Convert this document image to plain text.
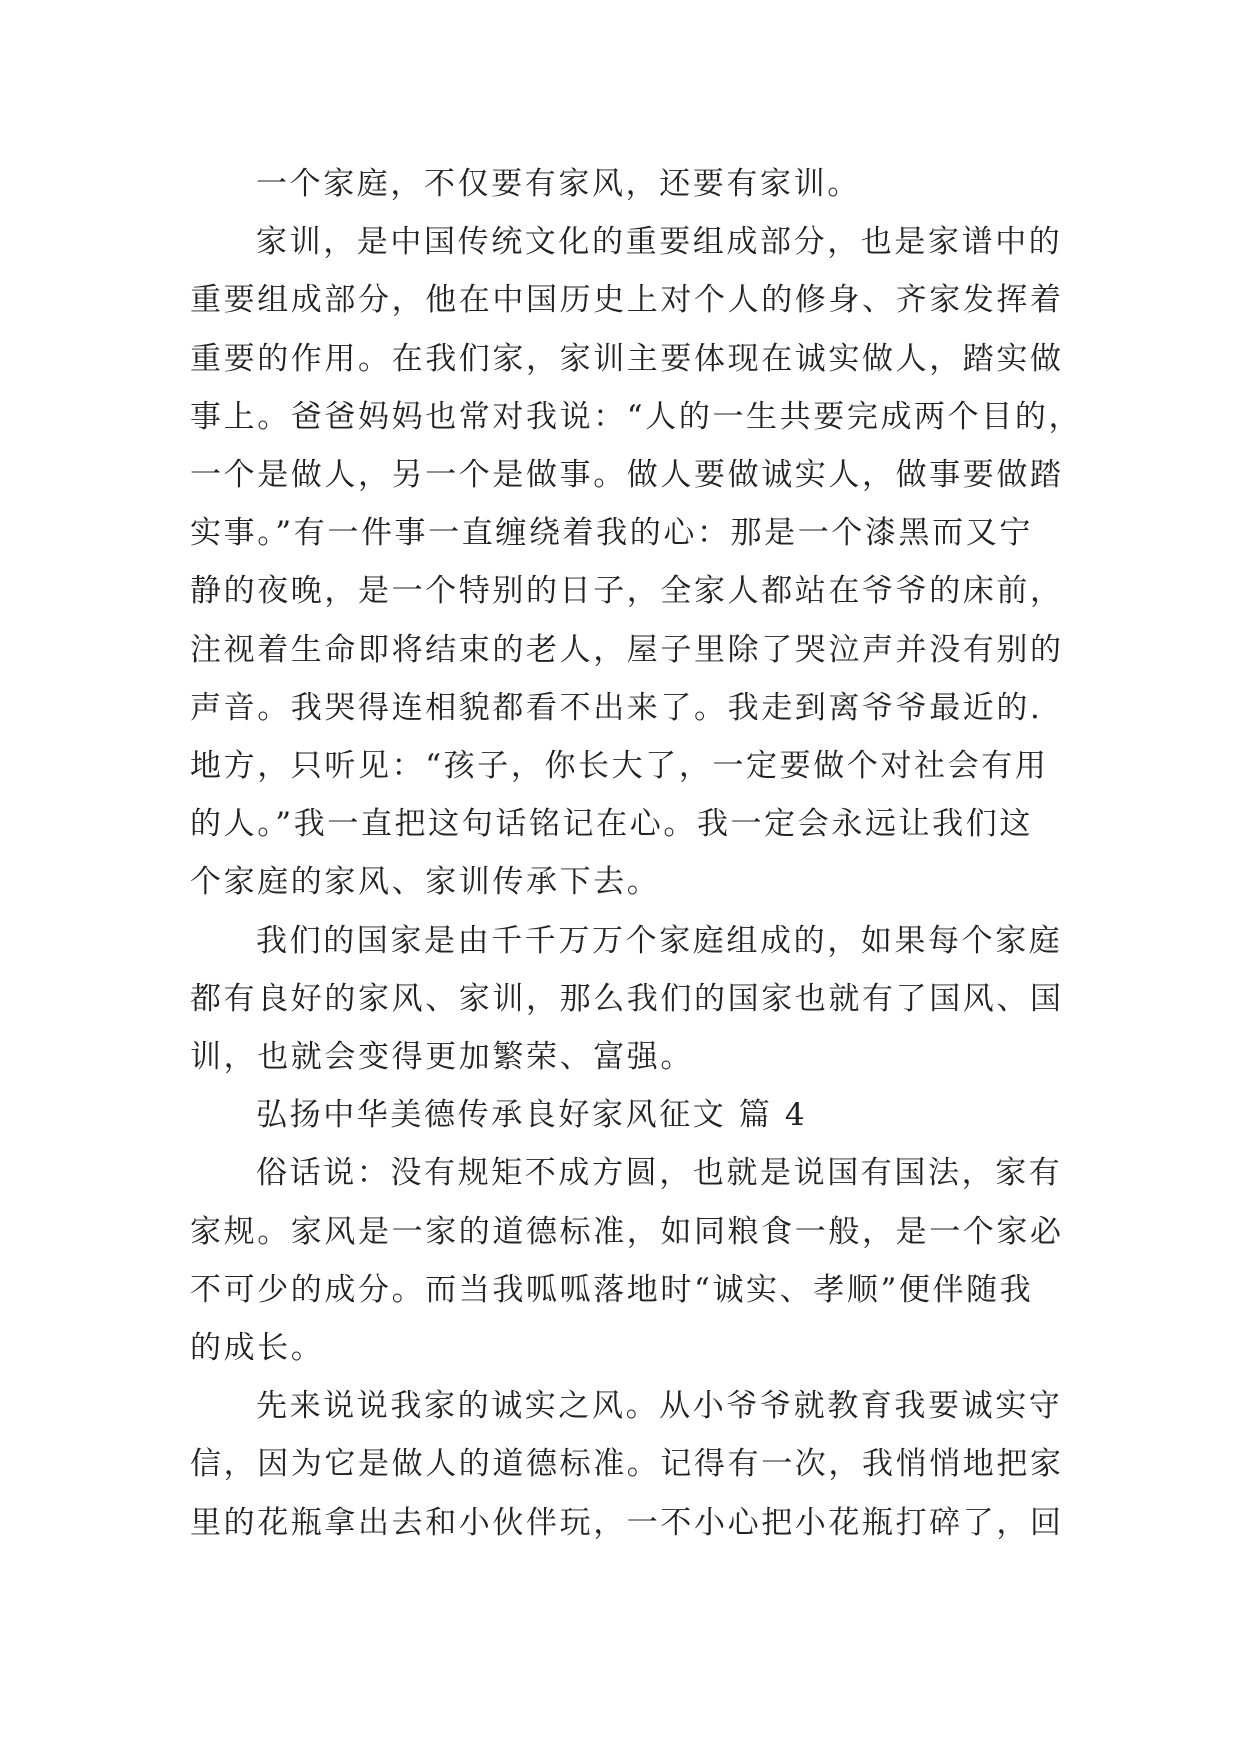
一个家庭，不仅要有家风，还要有家训。
家训，是中国传统文化的重要组成部分，也是家谱中的
重要组成部分，他在中国历史上对个人的修身、齐家发挥着
重要的作用。在我们家，家训主要体现在诚实做人，踏实做
事上。爸爸妈妈也常对我说：“人的一生共要完成两个目的，
一个是做人，另一个是做事。做人要做诚实人，做事要做踏
实事。”有一件事一直缠绕着我的心：那是一个漆黑而又宁
静的夜晚，是一个特别的日子，全家人都站在爷爷的床前，
注视着生命即将结束的老人，屋子里除了哭泣声并没有别的
声音。我哭得连相貌都看不出来了。我走到离爷爷最近的.
地方，只听见：“孩子，你长大了，一定要做个对社会有用
的人。”我一直把这句话铭记在心。我一定会永远让我们这
个家庭的家风、家训传承下去。
我们的国家是由千千万万个家庭组成的，如果每个家庭
都有良好的家风、家训，那么我们的国家也就有了国风、国
训，也就会变得更加繁荣、富强。
弘扬中华美德传承良好家风征文 篇 4
俗话说：没有规矩不成方圆，也就是说国有国法，家有
家规。家风是一家的道德标准，如同粮食一般，是一个家必
不可少的成分。而当我呱呱落地时“诚实、孝顺”便伴随我
的成长。
先来说说我家的诚实之风。从小爷爷就教育我要诚实守
信，因为它是做人的道德标准。记得有一次，我悄悄地把家
里的花瓶拿出去和小伙伴玩，一不小心把小花瓶打碎了，回
